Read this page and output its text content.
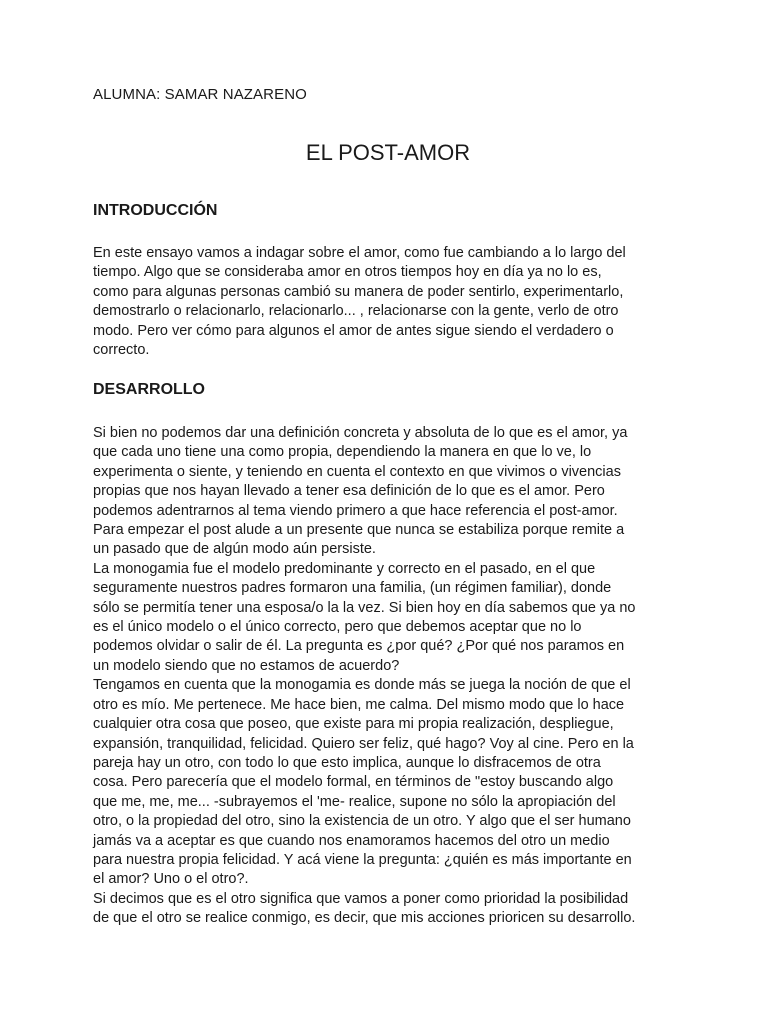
ALUMNA: SAMAR NAZARENO
EL POST-AMOR
INTRODUCCIÓN

En este ensayo vamos a indagar sobre el amor, como fue cambiando a lo largo del
tiempo. Algo que se consideraba amor en otros tiempos hoy en día ya no lo es,
como para algunas personas cambió su manera de poder sentirlo, experimentarlo,
demostrarlo o relacionarlo, relacionarlo... , relacionarse con la gente, verlo de otro
modo. Pero ver cómo para algunos el amor de antes sigue siendo el verdadero o
correcto.

DESARROLLO

Si bien no podemos dar una definición concreta y absoluta de lo que es el amor, ya
que cada uno tiene una como propia, dependiendo la manera en que lo ve, lo
experimenta o siente, y teniendo en cuenta el contexto en que vivimos o vivencias
propias que nos hayan llevado a tener esa definición de lo que es el amor. Pero
podemos adentrarnos al tema viendo primero a que hace referencia el post-amor.
Para empezar el post alude a un presente que nunca se estabiliza porque remite a
un pasado que de algún modo aún persiste.
La monogamia fue el modelo predominante y correcto en el pasado, en el que
seguramente nuestros padres formaron una familia, (un régimen familiar), donde
sólo se permitía tener una esposa/o la la vez. Si bien hoy en día sabemos que ya no
es el único modelo o el único correcto, pero que debemos aceptar que no lo
podemos olvidar o salir de él. La pregunta es ¿por qué? ¿Por qué nos paramos en
un modelo siendo que no estamos de acuerdo?
Tengamos en cuenta que la monogamia es donde más se juega la noción de que el
otro es mío. Me pertenece. Me hace bien, me calma. Del mismo modo que lo hace
cualquier otra cosa que poseo, que existe para mi propia realización, despliegue,
expansión, tranquilidad, felicidad. Quiero ser feliz, qué hago? Voy al cine. Pero en la
pareja hay un otro, con todo lo que esto implica, aunque lo disfracemos de otra
cosa. Pero parecería que el modelo formal, en términos de "estoy buscando algo
que me, me, me... -subrayemos el 'me- realice, supone no sólo la apropiación del
otro, o la propiedad del otro, sino la existencia de un otro. Y algo que el ser humano
jamás va a aceptar es que cuando nos enamoramos hacemos del otro un medio
para nuestra propia felicidad. Y acá viene la pregunta: ¿quién es más importante en
el amor? Uno o el otro?.
Si decimos que es el otro significa que vamos a poner como prioridad la posibilidad
de que el otro se realice conmigo, es decir, que mis acciones prioricen su desarrollo.
